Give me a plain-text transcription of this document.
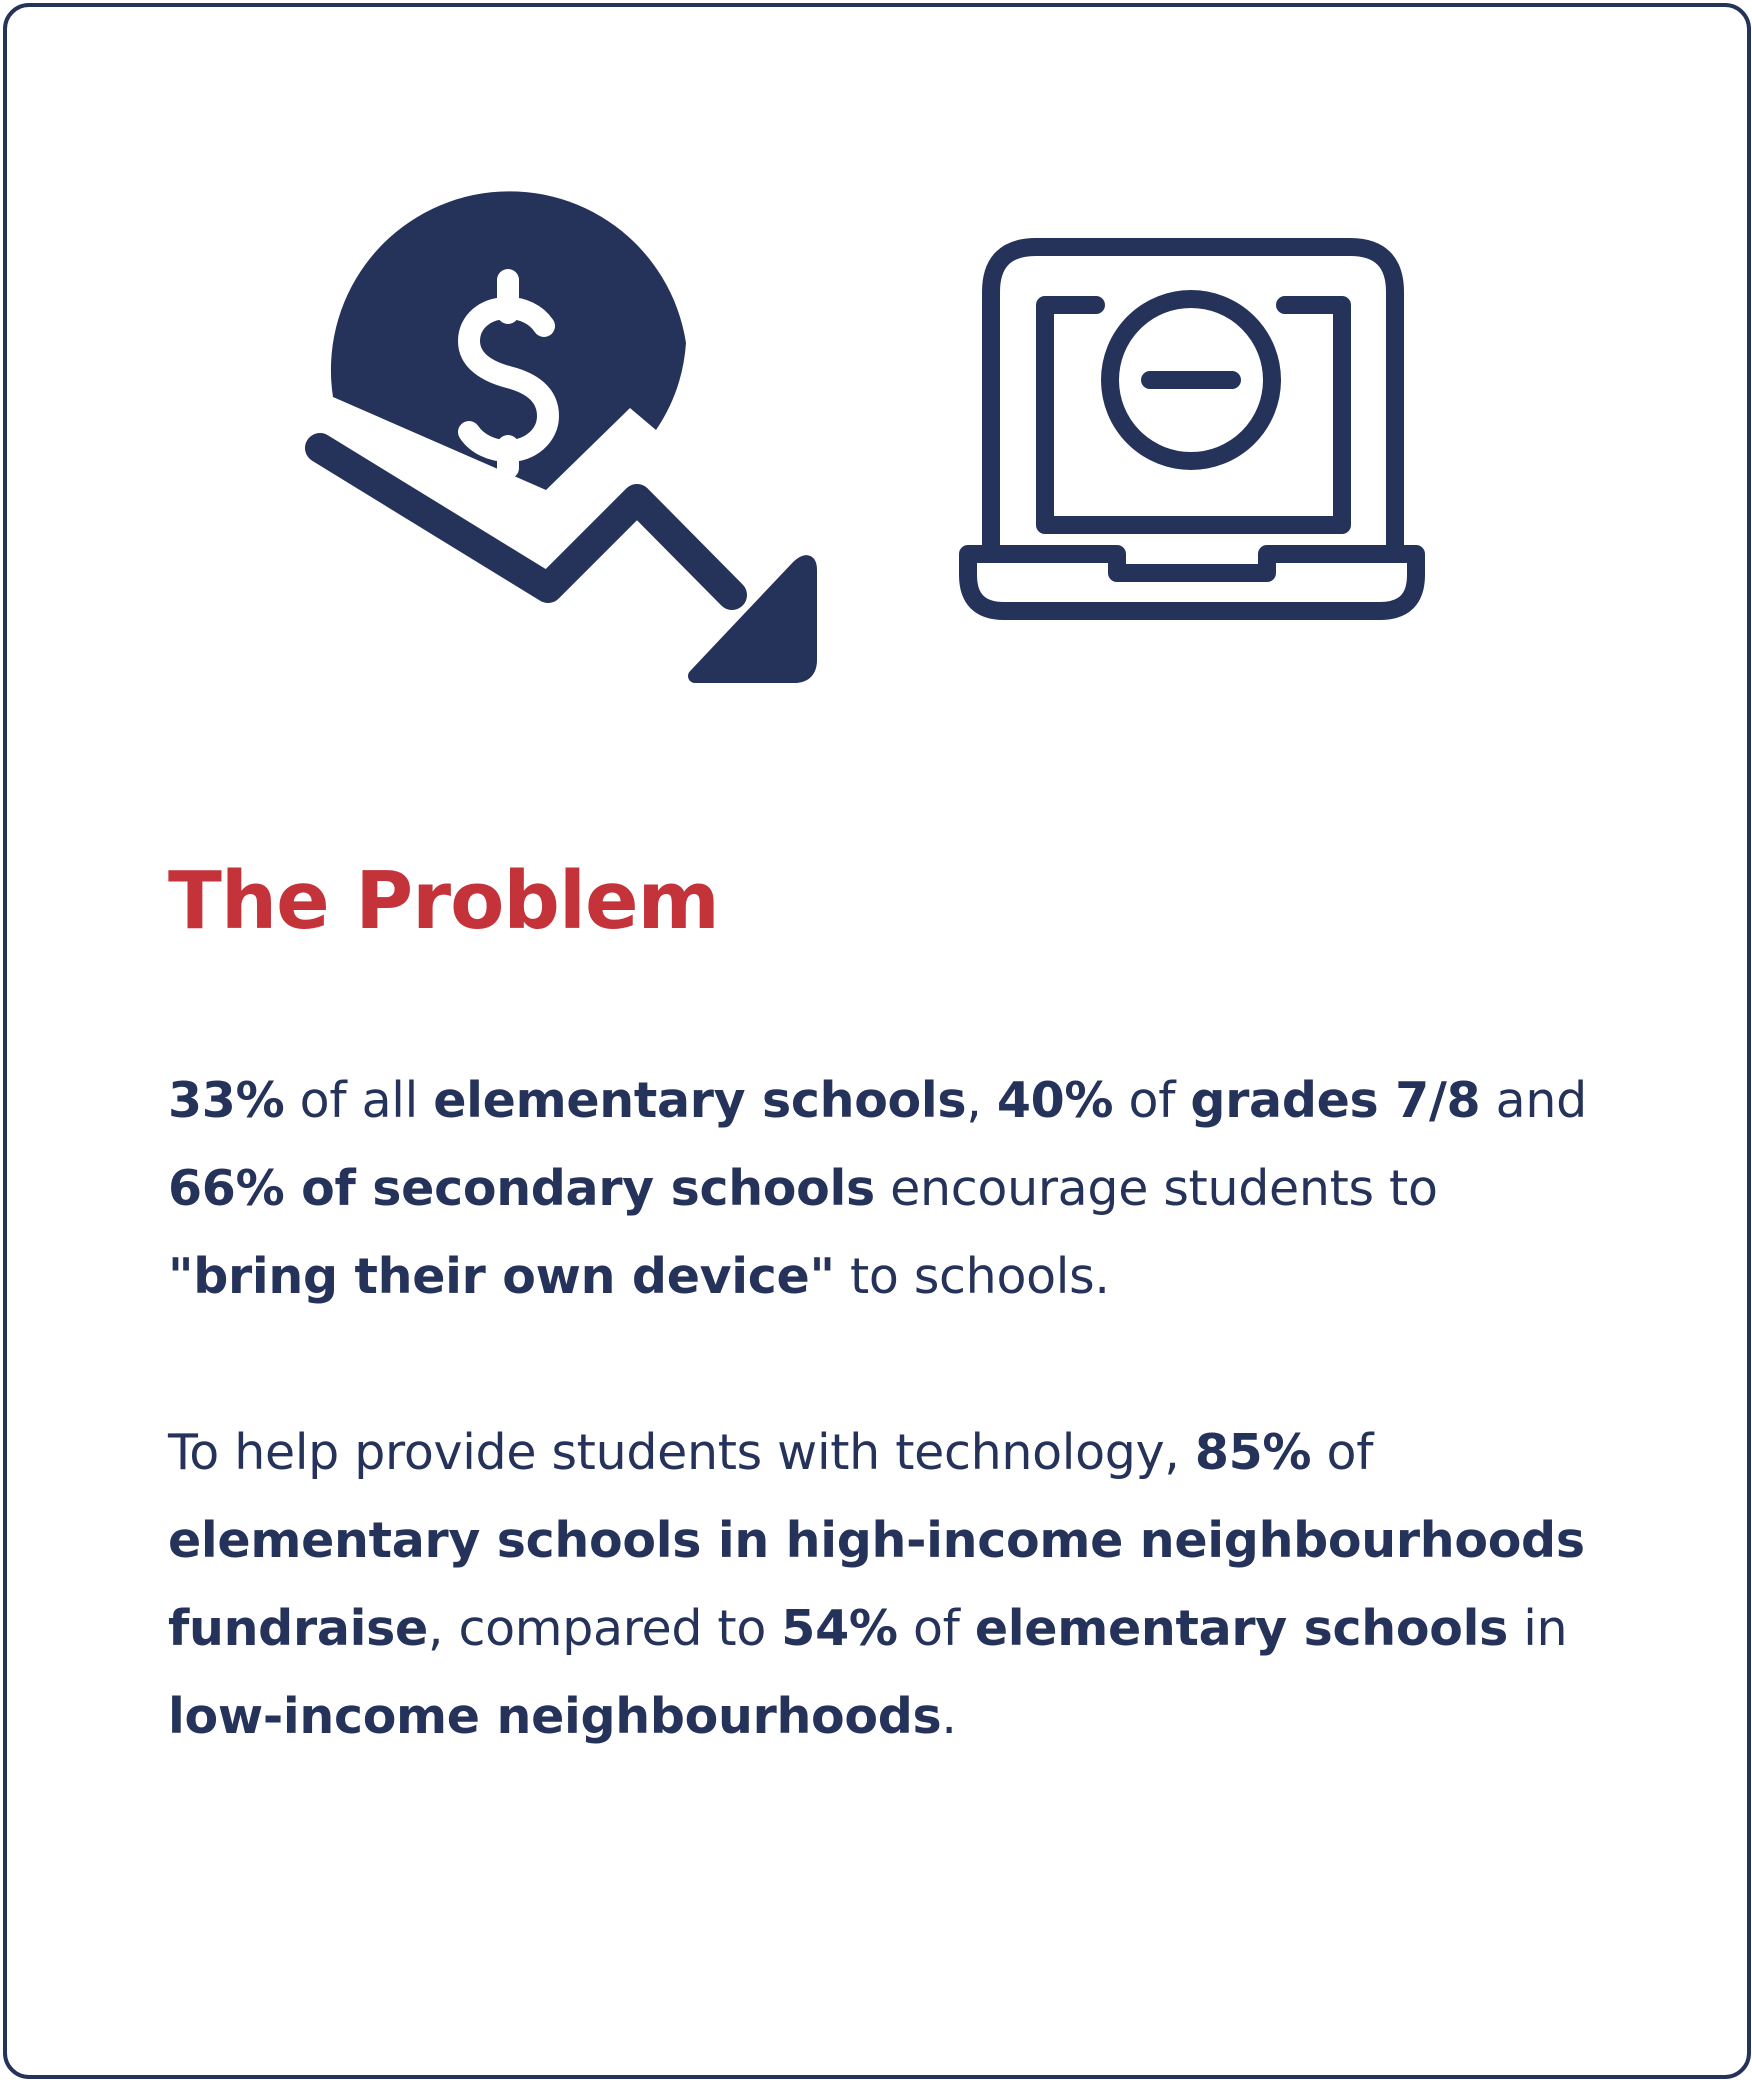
The Problem

33% of all elementary schools, 40% of grades 7/8 and 66% of secondary schools encourage students to "bring their own device" to schools.

To help provide students with technology, 85% of elementary schools in high-income neighbourhoods fundraise, compared to 54% of elementary schools in low-income neighbourhoods.
